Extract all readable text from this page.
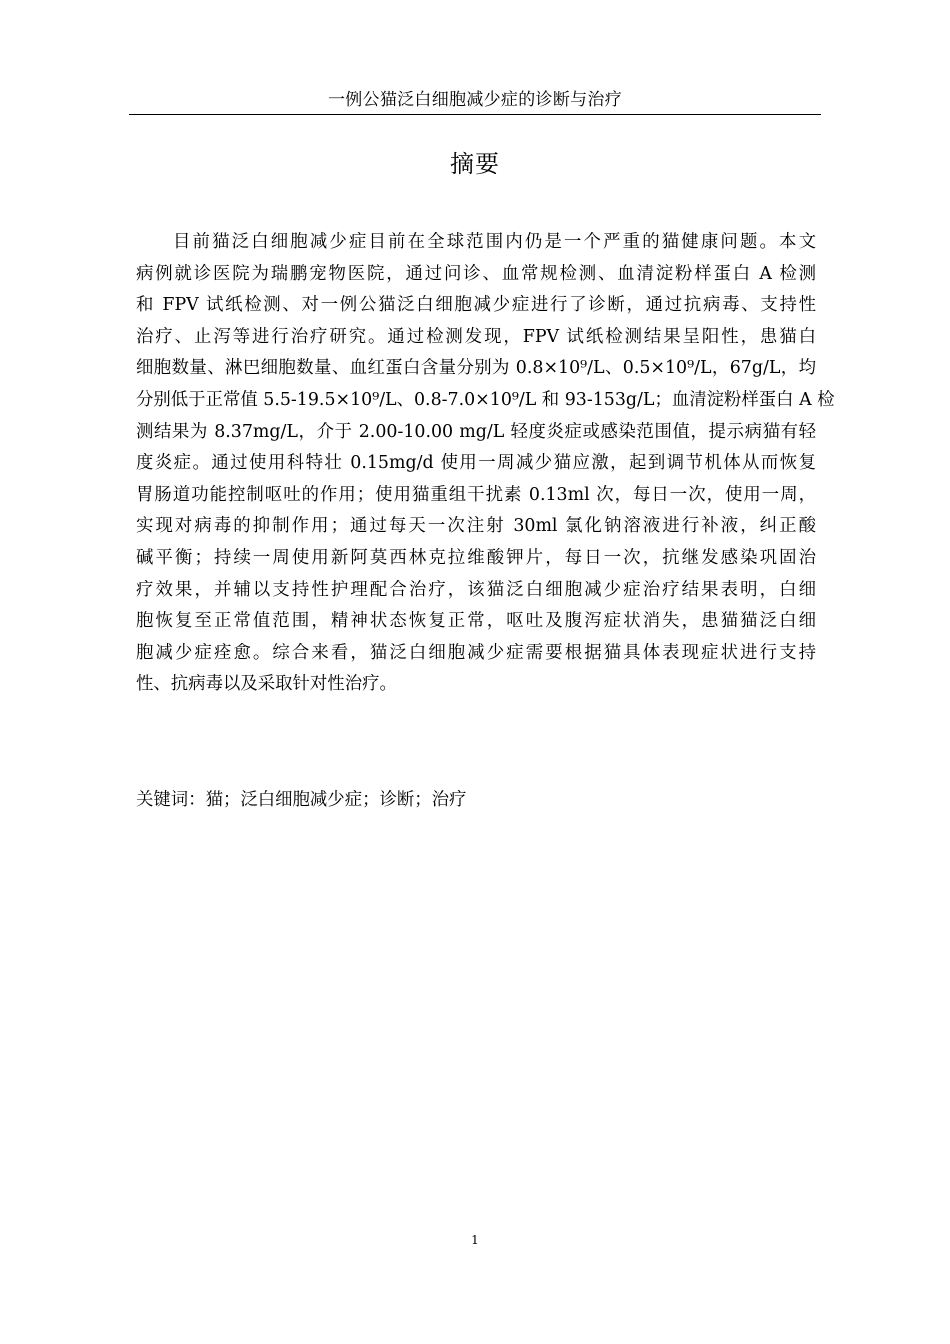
一例公猫泛白细胞减少症的诊断与治疗
摘要
目前猫泛白细胞减少症目前在全球范围内仍是一个严重的猫健康问题。本文
病例就诊医院为瑞鹏宠物医院，通过问诊、血常规检测、血清淀粉样蛋白 A 检测
和 FPV 试纸检测、对一例公猫泛白细胞减少症进行了诊断，通过抗病毒、支持性
治疗、止泻等进行治疗研究。通过检测发现，FPV 试纸检测结果呈阳性，患猫白
细胞数量、淋巴细胞数量、血红蛋白含量分别为 0.8×10⁹/L、0.5×10⁹/L，67g/L，均
分别低于正常值 5.5-19.5×10⁹/L、0.8-7.0×10⁹/L 和 93-153g/L；血清淀粉样蛋白 A 检
测结果为 8.37mg/L，介于 2.00-10.00 mg/L 轻度炎症或感染范围值，提示病猫有轻
度炎症。通过使用科特壮 0.15mg/d 使用一周减少猫应激，起到调节机体从而恢复
胃肠道功能控制呕吐的作用；使用猫重组干扰素 0.13ml 次，每日一次，使用一周，
实现对病毒的抑制作用；通过每天一次注射 30ml 氯化钠溶液进行补液，纠正酸
碱平衡；持续一周使用新阿莫西林克拉维酸钾片，每日一次，抗继发感染巩固治
疗效果，并辅以支持性护理配合治疗，该猫泛白细胞减少症治疗结果表明，白细
胞恢复至正常值范围，精神状态恢复正常，呕吐及腹泻症状消失，患猫猫泛白细
胞减少症痊愈。综合来看，猫泛白细胞减少症需要根据猫具体表现症状进行支持
性、抗病毒以及采取针对性治疗。
关键词：猫；泛白细胞减少症；诊断；治疗
1
